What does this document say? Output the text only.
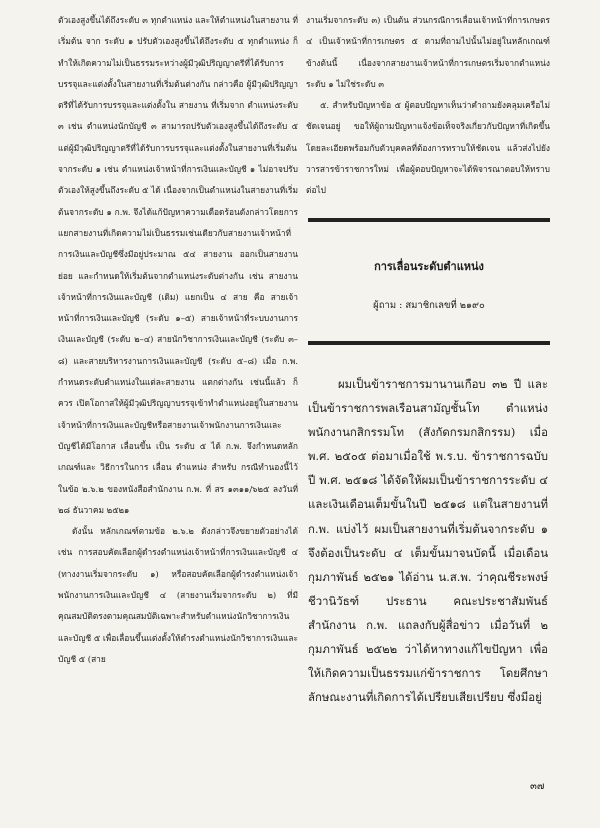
ตัวเองสูงขึ้นได้ถึงระดับ ๓ ทุกตำแหน่ง และให้ตำแหน่งในสายงาน ที่เริ่มต้น จาก ระดับ ๑ ปรับตัวเองสูงขึ้นได้ถึงระดับ ๕ ทุกตำแหน่ง ก็ทำให้เกิดความไม่เป็นธรรมระหว่างผู้มีวุฒิปริญญาตรีที่ได้รับการบรรจุและแต่งตั้งในสายงานที่เริ่มต้นต่างกัน กล่าวคือ ผู้มีวุฒิปริญญาตรีที่ได้รับการบรรจุและแต่งตั้งใน สายงาน ที่เริ่มจาก ตำแหน่งระดับ ๓ เช่น ตำแหน่งนักบัญชี ๓ สามารถปรับตัวเองสูงขึ้นได้ถึงระดับ ๕ แต่ผู้มีวุฒิปริญญาตรีที่ได้รับการบรรจุและแต่งตั้งในสายงานที่เริ่มต้นจากระดับ ๑ เช่น ตำแหน่งเจ้าหน้าที่การเงินและบัญชี ๑ ไม่อาจปรับตัวเองให้สูงขึ้นถึงระดับ ๕ ได้ เนื่องจากเป็นตำแหน่งในสายงานที่เริ่มต้นจากระดับ ๑ ก.พ. จึงได้แก้ปัญหาความเดือดร้อนดังกล่าวโดยการแยกสายงานที่เกิดความไม่เป็นธรรมเช่นเดียวกับสายงานเจ้าหน้าที่การเงินและบัญชีซึ่งมีอยู่ประมาณ ๕๔ สายงาน ออกเป็นสายงานย่อย และกำหนดให้เริ่มต้นจากตำแหน่งระดับต่างกัน เช่น สายงานเจ้าหน้าที่การเงินและบัญชี (เดิม) แยกเป็น ๔ สาย คือ สายเจ้าหน้าที่การเงินและบัญชี (ระดับ ๑–๕) สายเจ้าหน้าที่ระบบงานการเงินและบัญชี (ระดับ ๒–๔) สายนักวิชาการเงินและบัญชี (ระดับ ๓–๘) และสายบริหารงานการเงินและบัญชี (ระดับ ๕–๘) เมื่อ ก.พ. กำหนดระดับตำแหน่งในแต่ละสายงาน แตกต่างกัน เช่นนี้แล้ว ก็ควร เปิดโอกาสให้ผู้มีวุฒิปริญญาบรรจุเข้าทำตำแหน่งอยู่ในสายงานเจ้าหน้าที่การเงินและบัญชีหรือสายงานเจ้าพนักงานการเงินและบัญชีได้มีโอกาส เลื่อนขึ้น เป็น ระดับ ๕ ได้ ก.พ. จึงกำหนดหลักเกณฑ์และ วิธีการในการ เลื่อน ตำแหน่ง สำหรับ กรณีทำนองนี้ไว้ในข้อ ๒.๖.๒ ของหนังสือสำนักงาน ก.พ. ที่ สร ๑๓๑๑/๖๒๕ ลงวันที่ ๒๘ ธันวาคม ๒๕๒๑

ดังนั้น หลักเกณฑ์ตามข้อ ๒.๖.๒ ดังกล่าวจึงขยายตัวอย่างได้ เช่น การสอบคัดเลือกผู้ดำรงตำแหน่งเจ้าหน้าที่การเงินและบัญชี ๔ (ทางงานเริ่มจากระดับ ๑) หรือสอบคัดเลือกผู้ดำรงตำแหน่งเจ้าพนักงานการเงินและบัญชี ๔ (สายงานเริ่มจากระดับ ๒) ที่มีคุณสมบัติตรงตามคุณสมบัติเฉพาะสำหรับตำแหน่งนักวิชาการเงินและบัญชี ๕ เพื่อเลื่อนขึ้นแต่งตั้งให้ดำรงตำแหน่งนักวิชาการเงินและบัญชี ๕ (สาย

งานเริ่มจากระดับ ๓) เป็นต้น ส่วนกรณีการเลื่อนเจ้าหน้าที่การเกษตร ๔ เป็นเจ้าหน้าที่การเกษตร ๕ ตามที่ถามไปนั้นไม่อยู่ในหลักเกณฑ์ข้างต้นนี้ เนื่องจากสายงานเจ้าหน้าที่การเกษตรเริ่มจากตำแหน่งระดับ ๑ ไม่ใช่ระดับ ๓

๕. สำหรับปัญหาข้อ ๕ ผู้ตอบปัญหาเห็นว่าคำถามยังคลุมเครือไม่ชัดเจนอยู่ ขอให้ผู้ถามปัญหาแจ้งข้อเท็จจริงเกี่ยวกับปัญหาที่เกิดขึ้นโดยละเอียดพร้อมกับตัวบุคคลที่ต้องการทราบให้ชัดเจน แล้วส่งไปยังวารสารข้าราชการใหม่ เพื่อผู้ตอบปัญหาจะได้พิจารณาตอบให้ทราบต่อไป

การเลื่อนระดับตำแหน่ง

ผู้ถาม : สมาชิกเลขที่ ๒๑๙๐

ผมเป็นข้าราชการมานานเกือบ ๓๒ ปี และเป็นข้าราชการพลเรือนสามัญชั้นโท ตำแหน่งพนักงานกสิกรรมโท (สังกัดกรมกสิกรรม) เมื่อ พ.ศ. ๒๕๐๕ ต่อมาเมื่อใช้ พ.ร.บ. ข้าราชการฉบับปี พ.ศ. ๒๕๑๘ ได้จัดให้ผมเป็นข้าราชการระดับ ๔ และเงินเดือนเต็มขั้นในปี ๒๕๑๘ แต่ในสายงานที่ ก.พ. แบ่งไว้ ผมเป็นสายงานที่เริ่มต้นจากระดับ ๑ จึงต้องเป็นระดับ ๔ เต็มขั้นมาจนบัดนี้ เมื่อเดือนกุมภาพันธ์ ๒๕๒๑ ได้อ่าน น.ส.พ. ว่าคุณชีระพงษ์ ชีวานิวัธฑ์ ประธาน คณะประชาสัมพันธ์ สำนักงาน ก.พ. แถลงกับผู้สื่อข่าว เมื่อวันที่ ๒ กุมภาพันธ์ ๒๕๒๒ ว่าได้หาทางแก้ไขปัญหา เพื่อให้เกิดความเป็นธรรมแก่ข้าราชการ โดยศึกษาลักษณะงานที่เกิดการได้เปรียบเสียเปรียบ ซึ่งมีอยู่

๓๗
